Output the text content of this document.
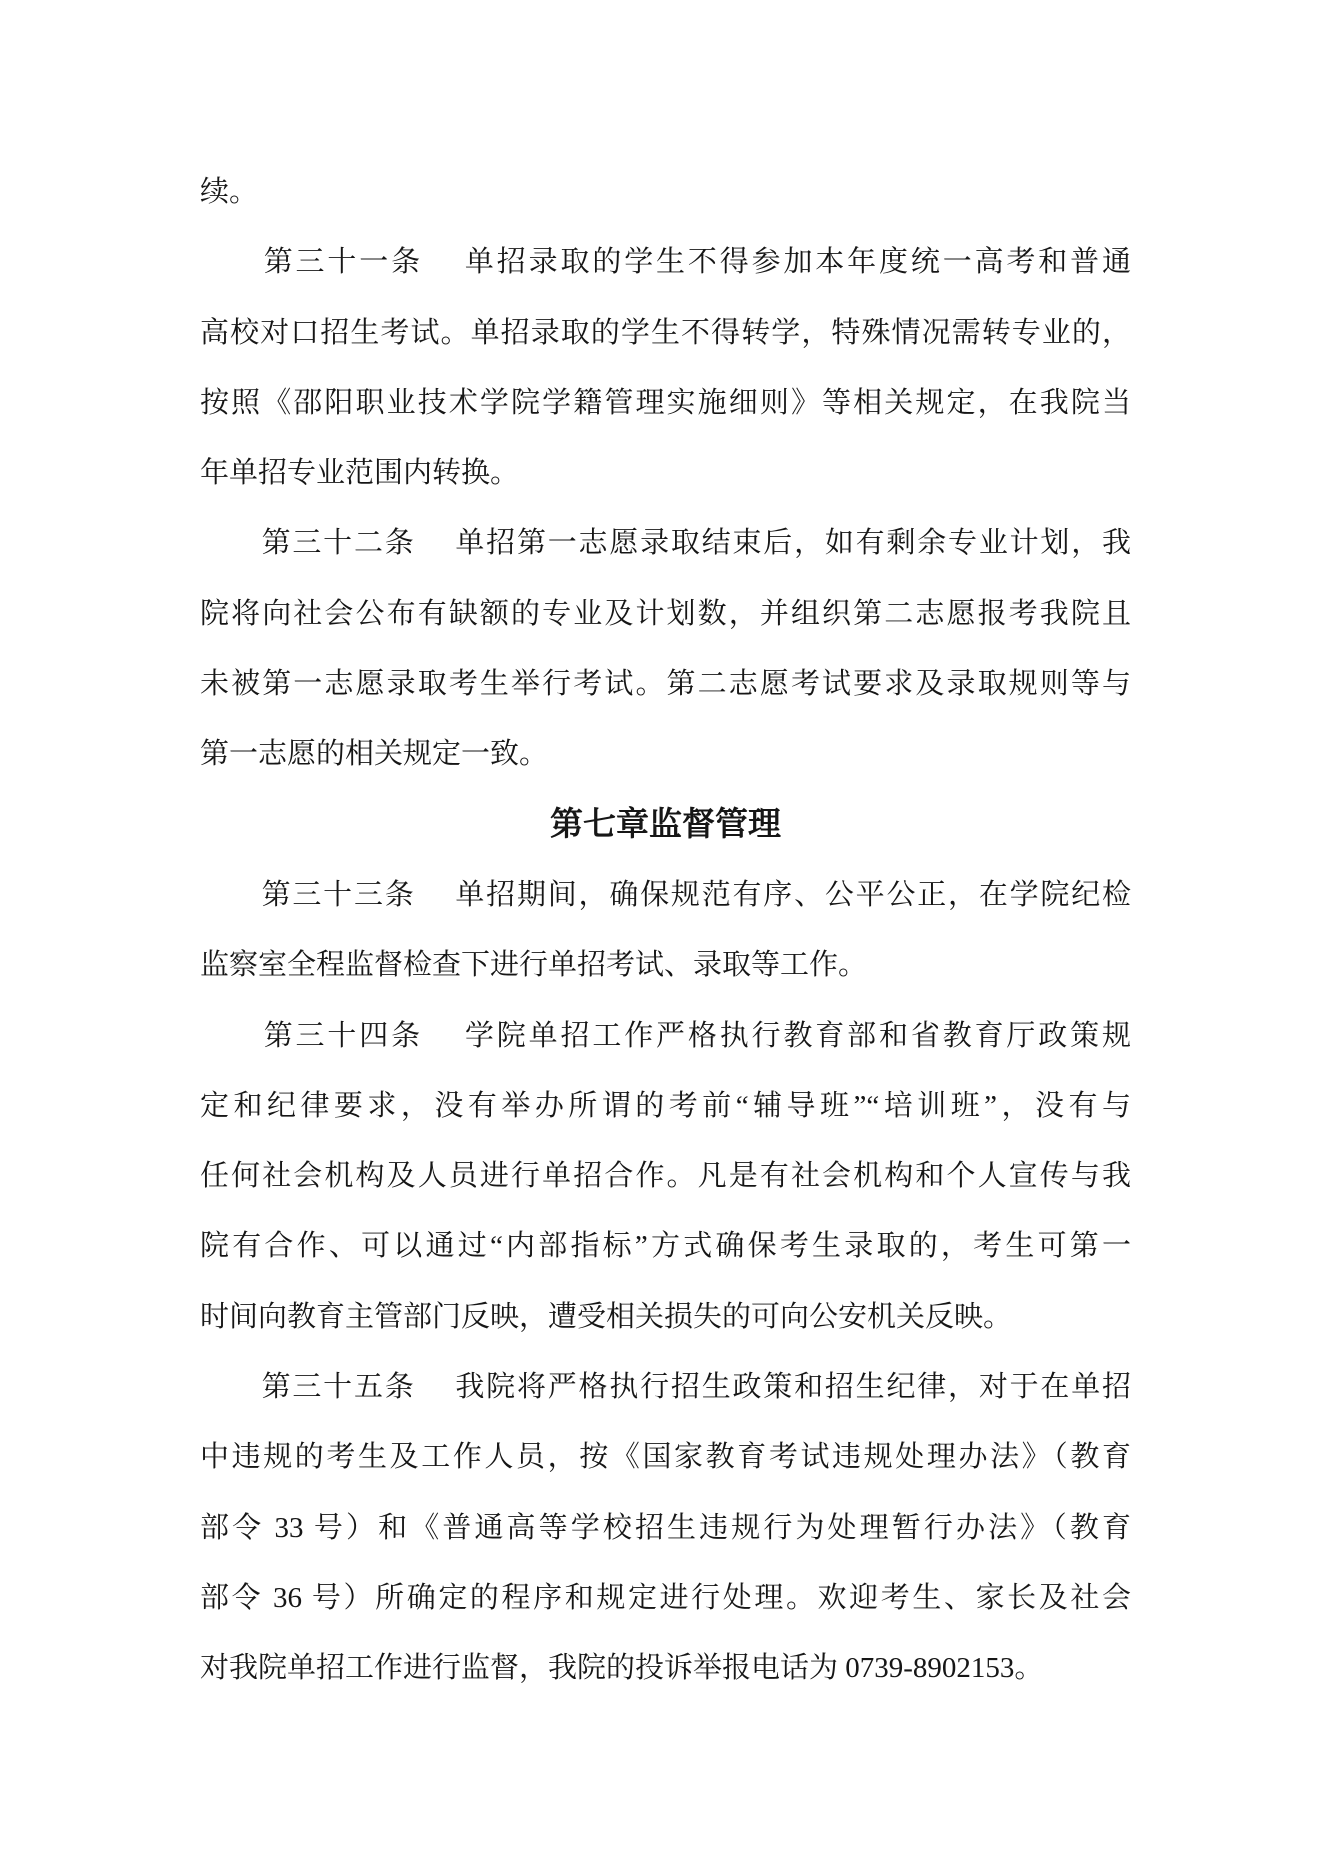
续。
　　第三十一条　 单招录取的学生不得参加本年度统一高考和普通
高校对口招生考试。单招录取的学生不得转学，特殊情况需转专业的，
按照《邵阳职业技术学院学籍管理实施细则》等相关规定，在我院当
年单招专业范围内转换。
　　第三十二条　 单招第一志愿录取结束后，如有剩余专业计划，我
院将向社会公布有缺额的专业及计划数，并组织第二志愿报考我院且
未被第一志愿录取考生举行考试。第二志愿考试要求及录取规则等与
第一志愿的相关规定一致。
第七章监督管理
　　第三十三条　 单招期间，确保规范有序、公平公正，在学院纪检
监察室全程监督检查下进行单招考试、录取等工作。
　　第三十四条　 学院单招工作严格执行教育部和省教育厅政策规
定和纪律要求，没有举办所谓的考前“辅导班”“培训班”，没有与
任何社会机构及人员进行单招合作。凡是有社会机构和个人宣传与我
院有合作、可以通过“内部指标”方式确保考生录取的，考生可第一
时间向教育主管部门反映，遭受相关损失的可向公安机关反映。
　　第三十五条　 我院将严格执行招生政策和招生纪律，对于在单招
中违规的考生及工作人员，按《国家教育考试违规处理办法》（教育
部令 33 号）和《普通高等学校招生违规行为处理暂行办法》（教育
部令 36 号）所确定的程序和规定进行处理。欢迎考生、家长及社会
对我院单招工作进行监督，我院的投诉举报电话为 0739-8902153。
